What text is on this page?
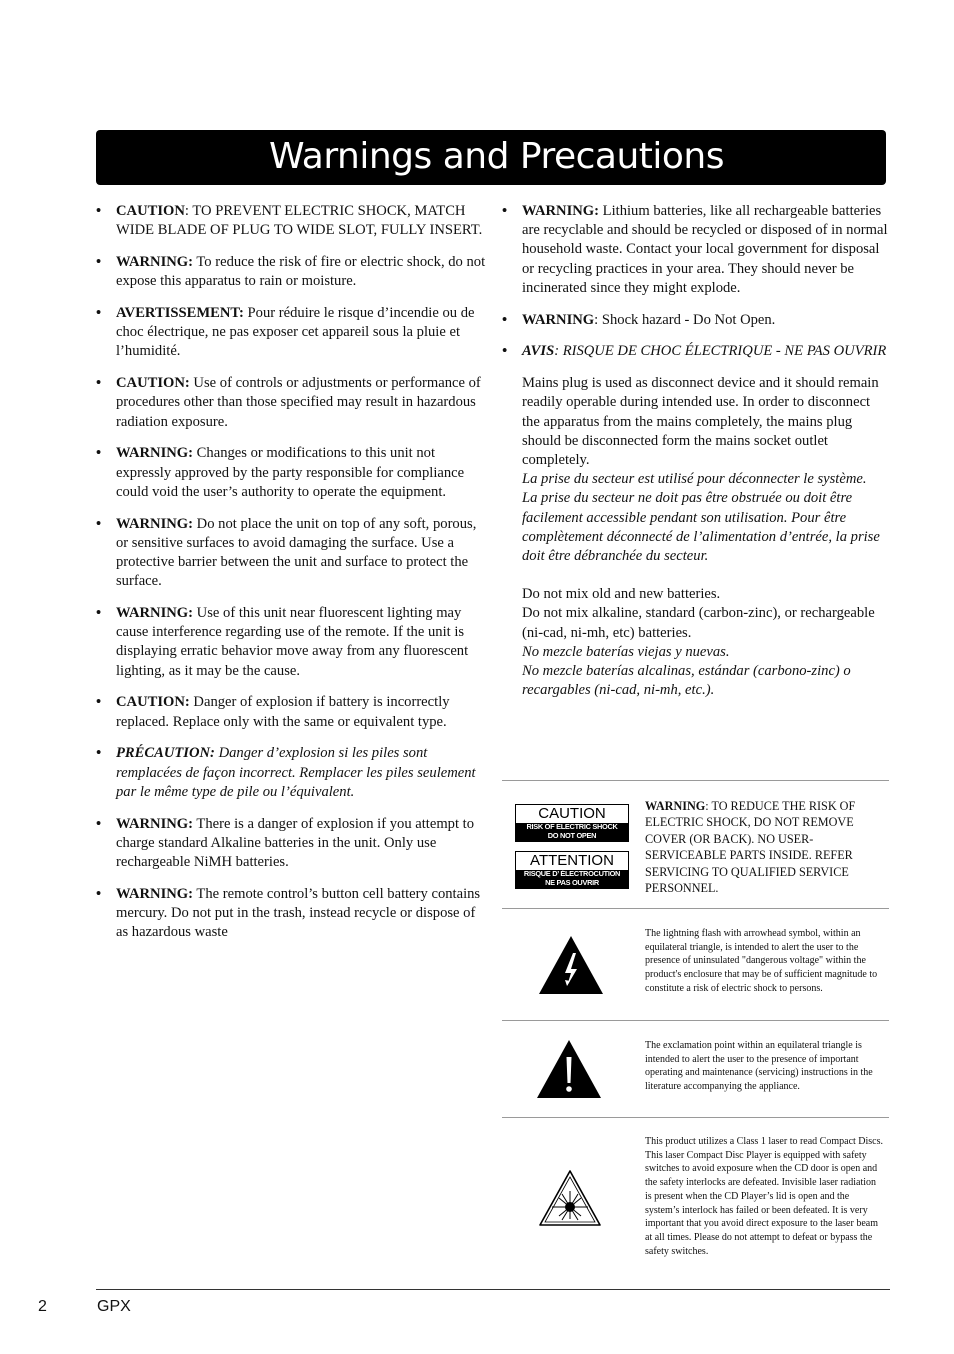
Warnings and Precautions
• CAUTION: TO PREVENT ELECTRIC SHOCK, MATCH WIDE BLADE OF PLUG TO WIDE SLOT, FULLY INSERT.
• WARNING: To reduce the risk of fire or electric shock, do not expose this apparatus to rain or moisture.
• AVERTISSEMENT: Pour réduire le risque d’incendie ou de choc électrique, ne pas exposer cet appareil sous la pluie et l’humidité.
• CAUTION: Use of controls or adjustments or performance of procedures other than those specified may result in hazardous radiation exposure.
• WARNING: Changes or modifications to this unit not expressly approved by the party responsible for compliance could void the user’s authority to operate the equipment.
• WARNING: Do not place the unit on top of any soft, porous, or sensitive surfaces to avoid damaging the surface. Use a protective barrier between the unit and surface to protect the surface.
• WARNING: Use of this unit near fluorescent lighting may cause interference regarding use of the remote. If the unit is displaying erratic behavior move away from any fluorescent lighting, as it may be the cause.
• CAUTION: Danger of explosion if battery is incorrectly replaced. Replace only with the same or equivalent type.
• PRÉCAUTION: Danger d’explosion si les piles sont remplacées de façon incorrect. Remplacer les piles seulement par le même type de pile ou l’équivalent.
• WARNING: There is a danger of explosion if you attempt to charge standard Alkaline batteries in the unit. Only use rechargeable NiMH batteries.
• WARNING: The remote control’s button cell battery contains mercury. Do not put in the trash, instead recycle or dispose of as hazardous waste
• WARNING: Lithium batteries, like all rechargeable batteries are recyclable and should be recycled or disposed of in normal household waste. Contact your local government for disposal or recycling practices in your area. They should never be incinerated since they might explode.
• WARNING: Shock hazard - Do Not Open.
• AVIS: RISQUE DE CHOC ÉLECTRIQUE - NE PAS OUVRIR
Mains plug is used as disconnect device and it should remain readily operable during intended use. In order to disconnect the apparatus from the mains completely, the mains plug should be disconnected form the mains socket outlet completely.
La prise du secteur est utilisé pour déconnecter le système.
La prise du secteur ne doit pas être obstruée ou doit être facilement accessible pendant son utilisation. Pour être complètement déconnecté de l’alimentation d’entrée, la prise doit être débranchée du secteur.
Do not mix old and new batteries.
Do not mix alkaline, standard (carbon-zinc), or rechargeable (ni-cad, ni-mh, etc) batteries.
No mezcle baterías viejas y nuevas.
No mezcle baterías alcalinas, estándar (carbono-zinc) o recargables (ni-cad, ni-mh, etc.).
CAUTION
RISK OF ELECTRIC SHOCK
DO NOT OPEN
ATTENTION
RISQUE D’ ÉLECTROCUTION
NE PAS OUVRIR
WARNING: TO REDUCE THE RISK OF ELECTRIC SHOCK, DO NOT REMOVE COVER (OR BACK). NO USER-SERVICEABLE PARTS INSIDE. REFER SERVICING TO QUALIFIED SERVICE PERSONNEL.
The lightning flash with arrowhead symbol, within an equilateral triangle, is intended to alert the user to the presence of uninsulated "dangerous voltage" within the product's enclosure that may be of sufficient magnitude to constitute a risk of electric shock to persons.
The exclamation point within an equilateral triangle is intended to alert the user to the presence of important operating and maintenance (servicing) instructions in the literature accompanying the appliance.
This product utilizes a Class 1 laser to read Compact Discs. This laser Compact Disc Player is equipped with safety switches to avoid exposure when the CD door is open and the safety interlocks are defeated. Invisible laser radiation is present when the CD Player’s lid is open and the system’s interlock has failed or been defeated. It is very important that you avoid direct exposure to the laser beam at all times. Please do not attempt to defeat or bypass the safety switches.
2	GPX
